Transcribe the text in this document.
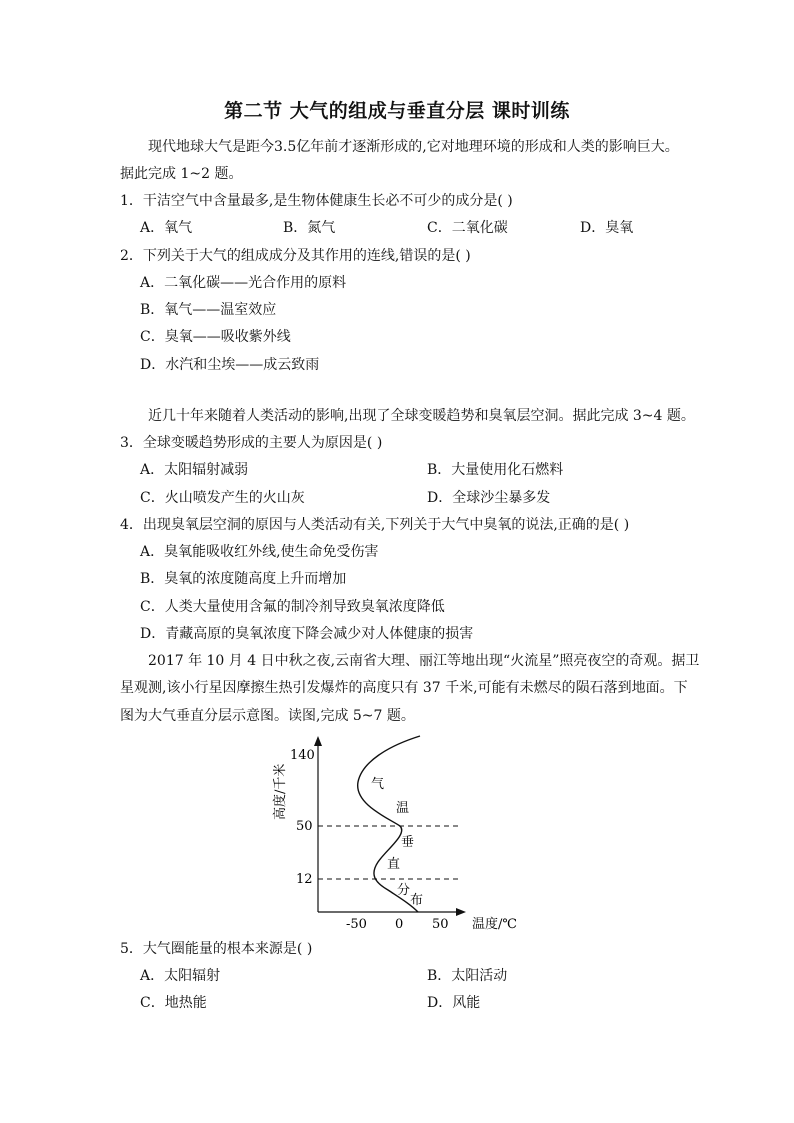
第二节 大气的组成与垂直分层 课时训练
现代地球大气是距今3.5亿年前才逐渐形成的,它对地理环境的形成和人类的影响巨大。
据此完成 1~2 题。
1．干洁空气中含量最多,是生物体健康生长必不可少的成分是( )
A．氧气	B．氮气	C．二氧化碳	D．臭氧
2．下列关于大气的组成成分及其作用的连线,错误的是( )
A．二氧化碳——光合作用的原料
B．氧气——温室效应
C．臭氧——吸收紫外线
D．水汽和尘埃——成云致雨
近几十年来随着人类活动的影响,出现了全球变暖趋势和臭氧层空洞。据此完成 3~4 题。
3．全球变暖趋势形成的主要人为原因是( )
A．太阳辐射减弱	B．大量使用化石燃料
C．火山喷发产生的火山灰	D．全球沙尘暴多发
4．出现臭氧层空洞的原因与人类活动有关,下列关于大气中臭氧的说法,正确的是( )
A．臭氧能吸收红外线,使生命免受伤害
B．臭氧的浓度随高度上升而增加
C．人类大量使用含氟的制冷剂导致臭氧浓度降低
D．青藏高原的臭氧浓度下降会减少对人体健康的损害
2017 年 10 月 4 日中秋之夜,云南省大理、丽江等地出现“火流星”照亮夜空的奇观。据卫
星观测,该小行星因摩擦生热引发爆炸的高度只有 37 千米,可能有未燃尽的陨石落到地面。下
图为大气垂直分层示意图。读图,完成 5~7 题。
140
50
12
-50 0 50
高度/千米
温度/℃
气
温
垂
直
分
布
5．大气圈能量的根本来源是( )
A．太阳辐射	B．太阳活动
C．地热能	D．风能
